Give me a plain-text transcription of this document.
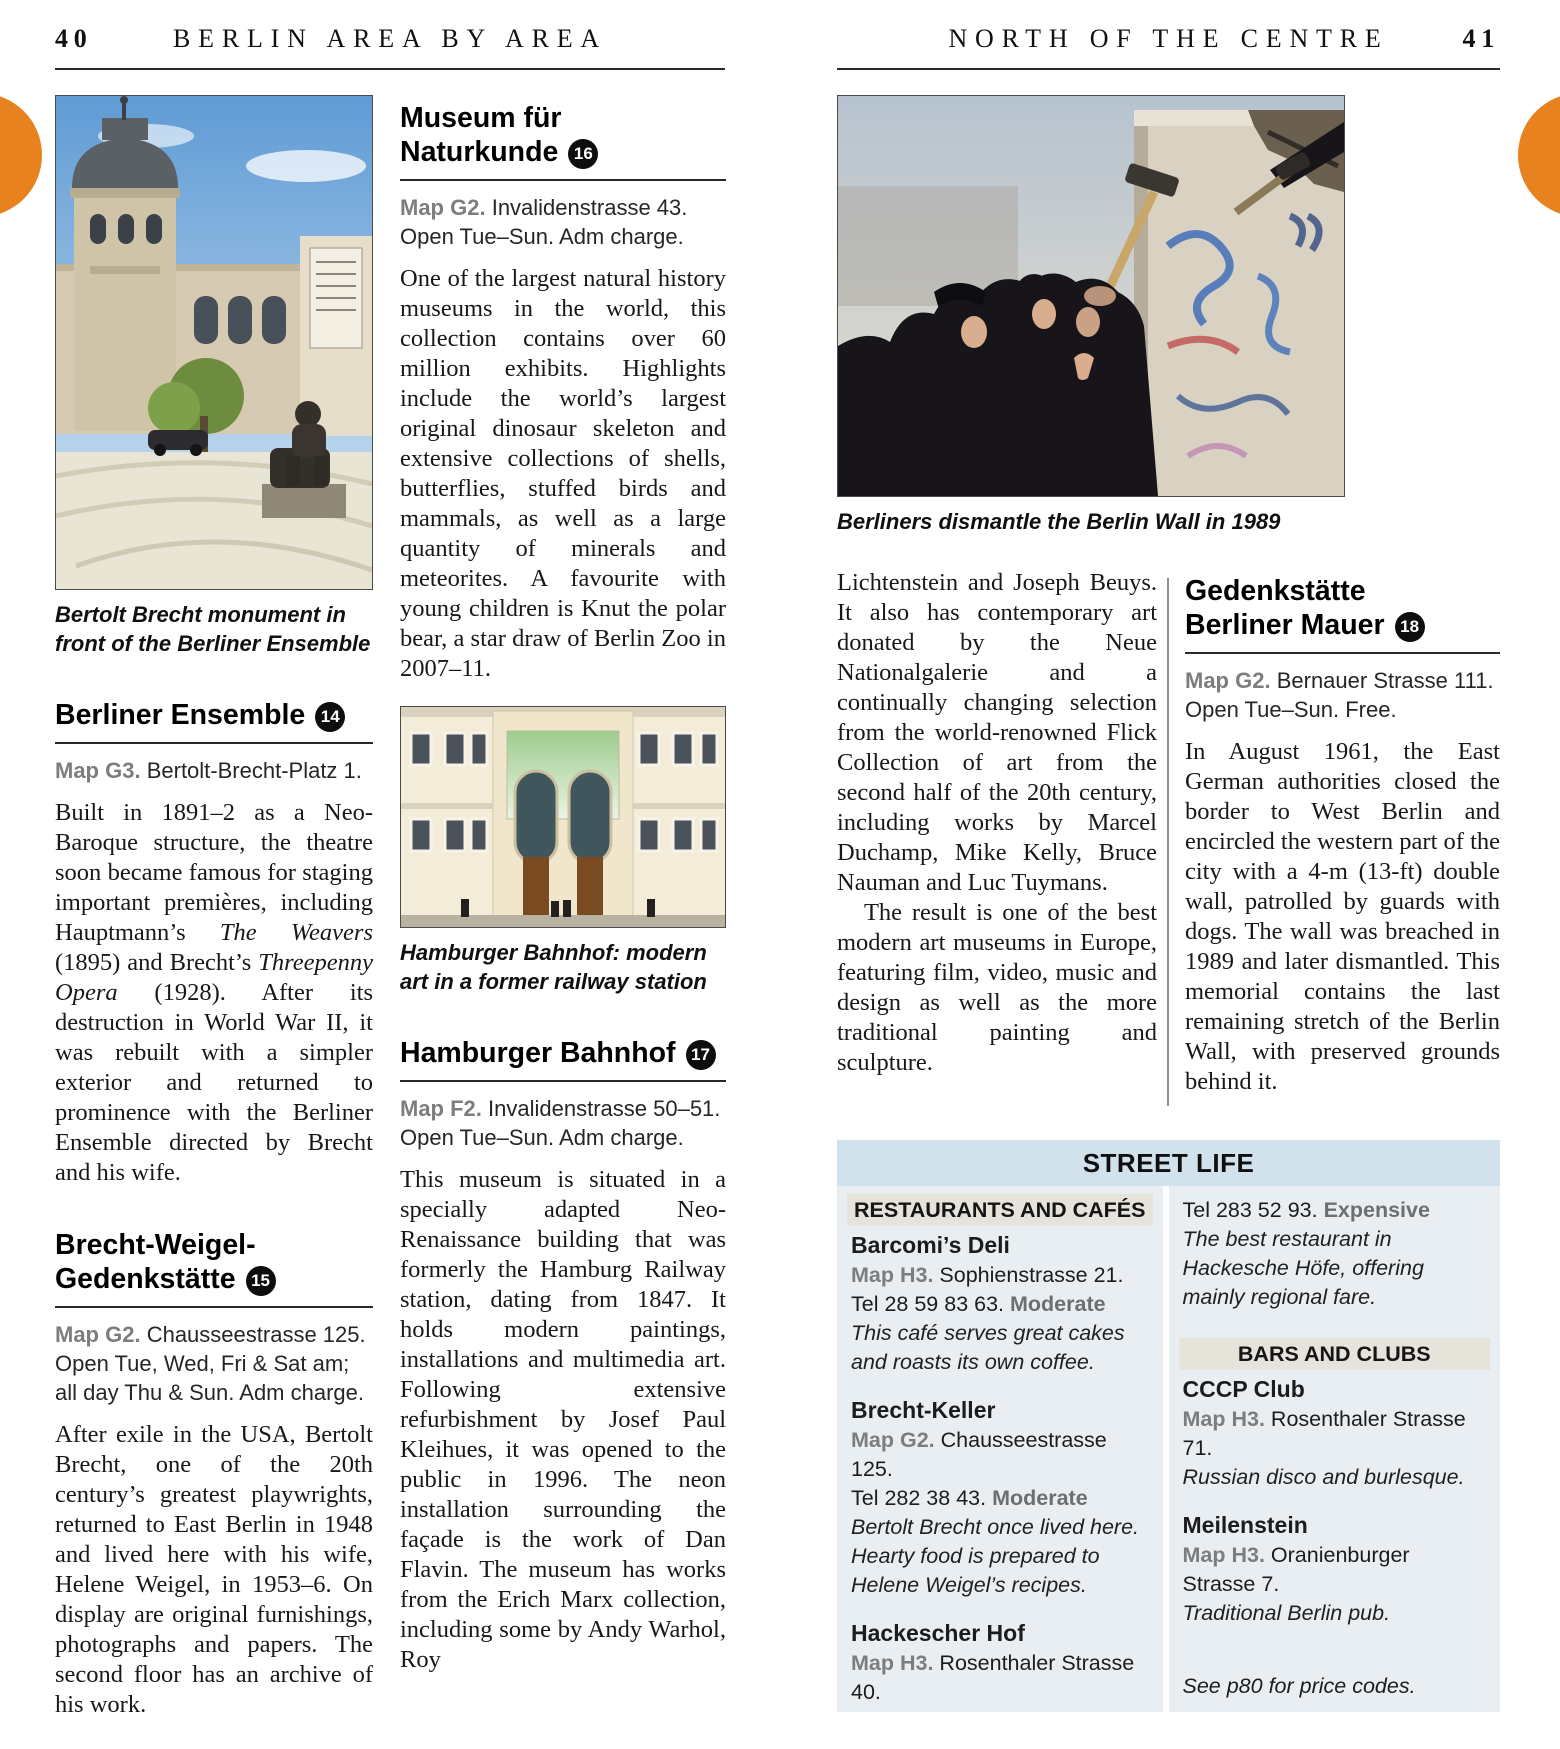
40	BERLIN AREA BY AREA	NORTH OF THE CENTRE	41
Bertolt Brecht monument in front of the Berliner Ensemble
Berliner Ensemble 14
Map G3. Bertolt-Brecht-Platz 1.
Built in 1891–2 as a Neo-Baroque structure, the theatre soon became famous for staging important premières, including Hauptmann’s The Weavers (1895) and Brecht’s Threepenny Opera (1928). After its destruction in World War II, it was rebuilt with a simpler exterior and returned to prominence with the Berliner Ensemble directed by Brecht and his wife.
Brecht-Weigel-
Gedenkstätte 15
Map G2. Chausseestrasse 125. Open Tue, Wed, Fri & Sat am; all day Thu & Sun. Adm charge.
After exile in the USA, Bertolt Brecht, one of the 20th century’s greatest playwrights, returned to East Berlin in 1948 and lived here with his wife, Helene Weigel, in 1953–6. On display are original furnishings, photographs and papers. The second floor has an archive of his work.
Museum für
Naturkunde 16
Map G2. Invalidenstrasse 43. Open Tue–Sun. Adm charge.
One of the largest natural history museums in the world, this collection contains over 60 million exhibits. Highlights include the world’s largest original dinosaur skeleton and extensive collections of shells, butterflies, stuffed birds and mammals, as well as a large quantity of minerals and meteorites. A favourite with young children is Knut the polar bear, a star draw of Berlin Zoo in 2007–11.
Hamburger Bahnhof: modern art in a former railway station
Hamburger Bahnhof 17
Map F2. Invalidenstrasse 50–51. Open Tue–Sun. Adm charge.
This museum is situated in a specially adapted Neo-Renaissance building that was formerly the Hamburg Railway station, dating from 1847. It holds modern paintings, installations and multimedia art. Following extensive refurbishment by Josef Paul Kleihues, it was opened to the public in 1996. The neon installation surrounding the façade is the work of Dan Flavin. The museum has works from the Erich Marx collection, including some by Andy Warhol, Roy
Berliners dismantle the Berlin Wall in 1989
Lichtenstein and Joseph Beuys. It also has contemporary art donated by the Neue Nationalgalerie and a continually changing selection from the world-renowned Flick Collection of art from the second half of the 20th century, including works by Marcel Duchamp, Mike Kelly, Bruce Nauman and Luc Tuymans.
The result is one of the best modern art museums in Europe, featuring film, video, music and design as well as the more traditional painting and sculpture.
Gedenkstätte
Berliner Mauer 18
Map G2. Bernauer Strasse 111. Open Tue–Sun. Free.
In August 1961, the East German authorities closed the border to West Berlin and encircled the western part of the city with a 4-m (13-ft) double wall, patrolled by guards with dogs. The wall was breached in 1989 and later dismantled. This memorial contains the last remaining stretch of the Berlin Wall, with preserved grounds behind it.
STREET LIFE
RESTAURANTS AND CAFÉS
Barcomi’s Deli
Map H3. Sophienstrasse 21.
Tel 28 59 83 63. Moderate
This café serves great cakes and roasts its own coffee.
Brecht-Keller
Map G2. Chausseestrasse 125.
Tel 282 38 43. Moderate
Bertolt Brecht once lived here. Hearty food is prepared to Helene Weigel’s recipes.
Hackescher Hof
Map H3. Rosenthaler Strasse 40.
Tel 283 52 93. Expensive
The best restaurant in Hackesche Höfe, offering mainly regional fare.
BARS AND CLUBS
CCCP Club
Map H3. Rosenthaler Strasse 71.
Russian disco and burlesque.
Meilenstein
Map H3. Oranienburger Strasse 7.
Traditional Berlin pub.
See p80 for price codes.
